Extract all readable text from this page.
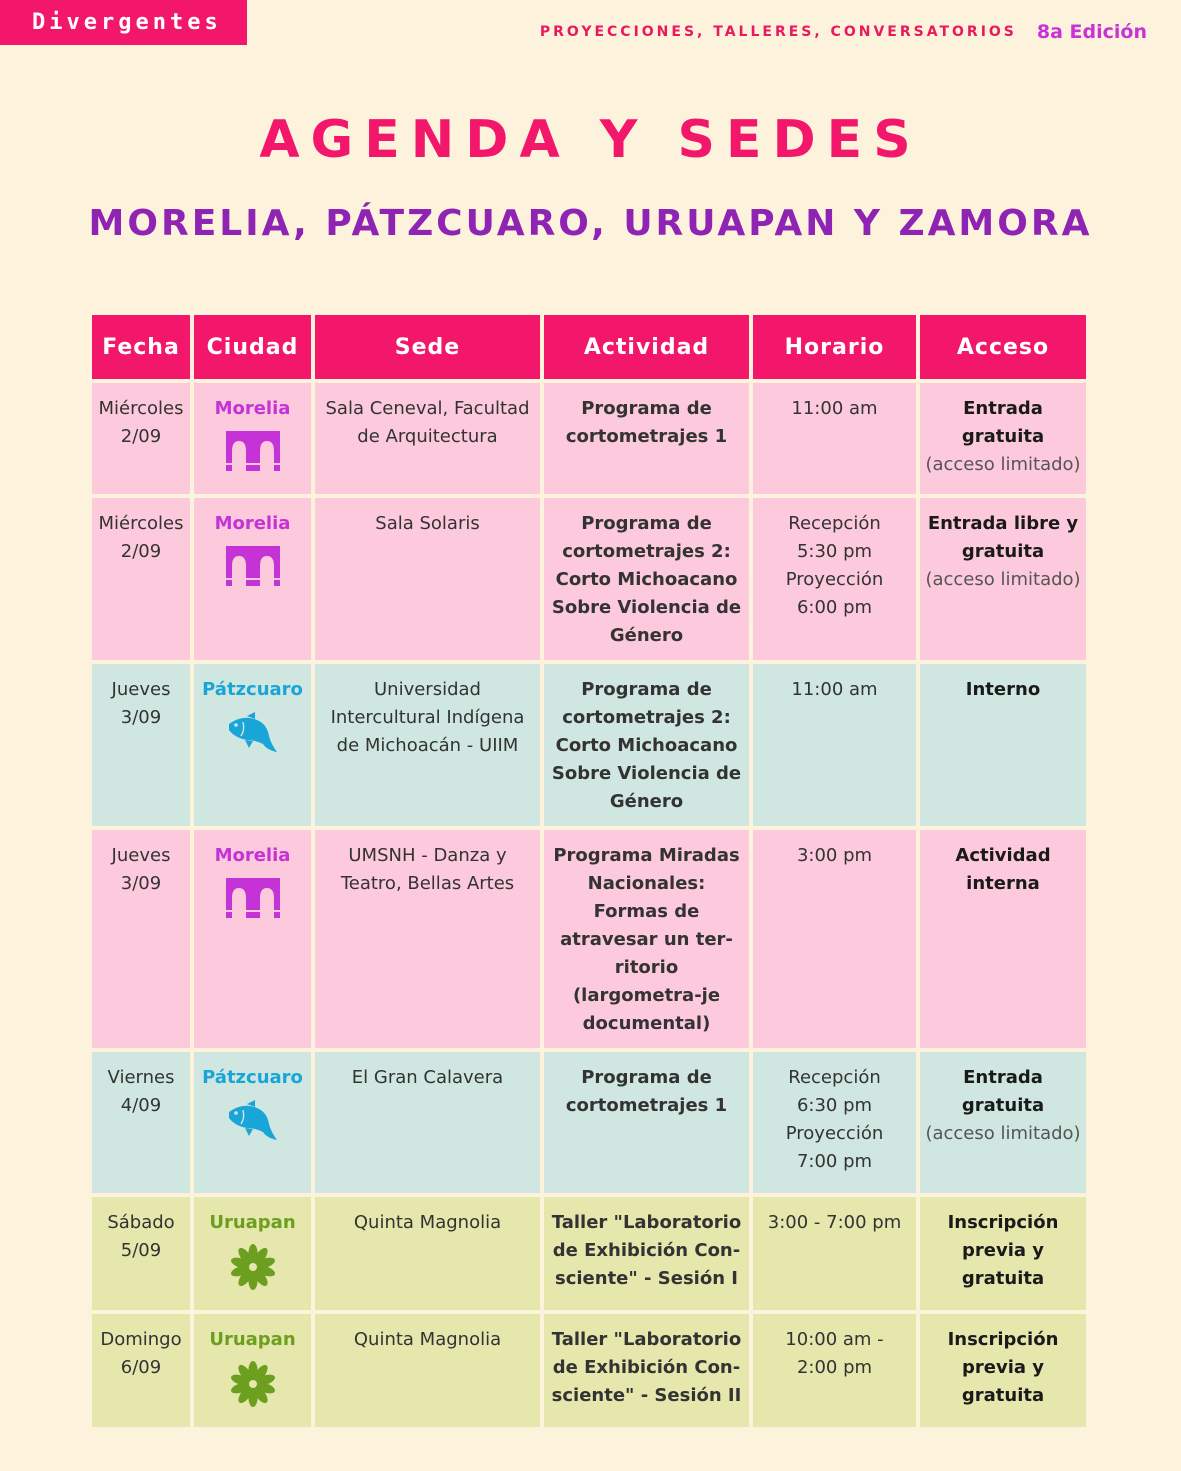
Divergentes	PROYECCIONES, TALLERES, CONVERSATORIOS 8a Edición
AGENDA Y SEDES
MORELIA, PÁTZCUARO, URUAPAN Y ZAMORA
Fecha	Ciudad	Sede	Actividad	Horario	Acceso

Miércoles
2/09	Morelia	Sala Ceneval, Facultad de Arquitectura	Programa de cortometrajes 1	11:00 am	Entrada gratuita
(acceso limitado)

Miércoles
2/09	Morelia	Sala Solaris	Programa de cortometrajes 2: Corto Michoacano Sobre Violencia de Género	Recepción
5:30 pm
Proyección
6:00 pm	Entrada libre y gratuita
(acceso limitado)

Jueves
3/09	Pátzcuaro	Universidad Intercultural Indígena de Michoacán - UIIM	Programa de cortometrajes 2: Corto Michoacano Sobre Violencia de Género	11:00 am	Interno

Jueves
3/09	Morelia	UMSNH - Danza y Teatro, Bellas Artes	Programa Miradas Nacionales: Formas de atravesar un ter-ritorio (largometra-je documental)	3:00 pm	Actividad interna

Viernes
4/09	Pátzcuaro	El Gran Calavera	Programa de cortometrajes 1	Recepción
6:30 pm
Proyección
7:00 pm	Entrada gratuita
(acceso limitado)

Sábado
5/09	Uruapan	Quinta Magnolia	Taller "Laboratorio de Exhibición Con-sciente" - Sesión I	3:00 - 7:00 pm	Inscripción previa y gratuita

Domingo
6/09	Uruapan	Quinta Magnolia	Taller "Laboratorio de Exhibición Con-sciente" - Sesión II	10:00 am -
2:00 pm	Inscripción previa y gratuita
